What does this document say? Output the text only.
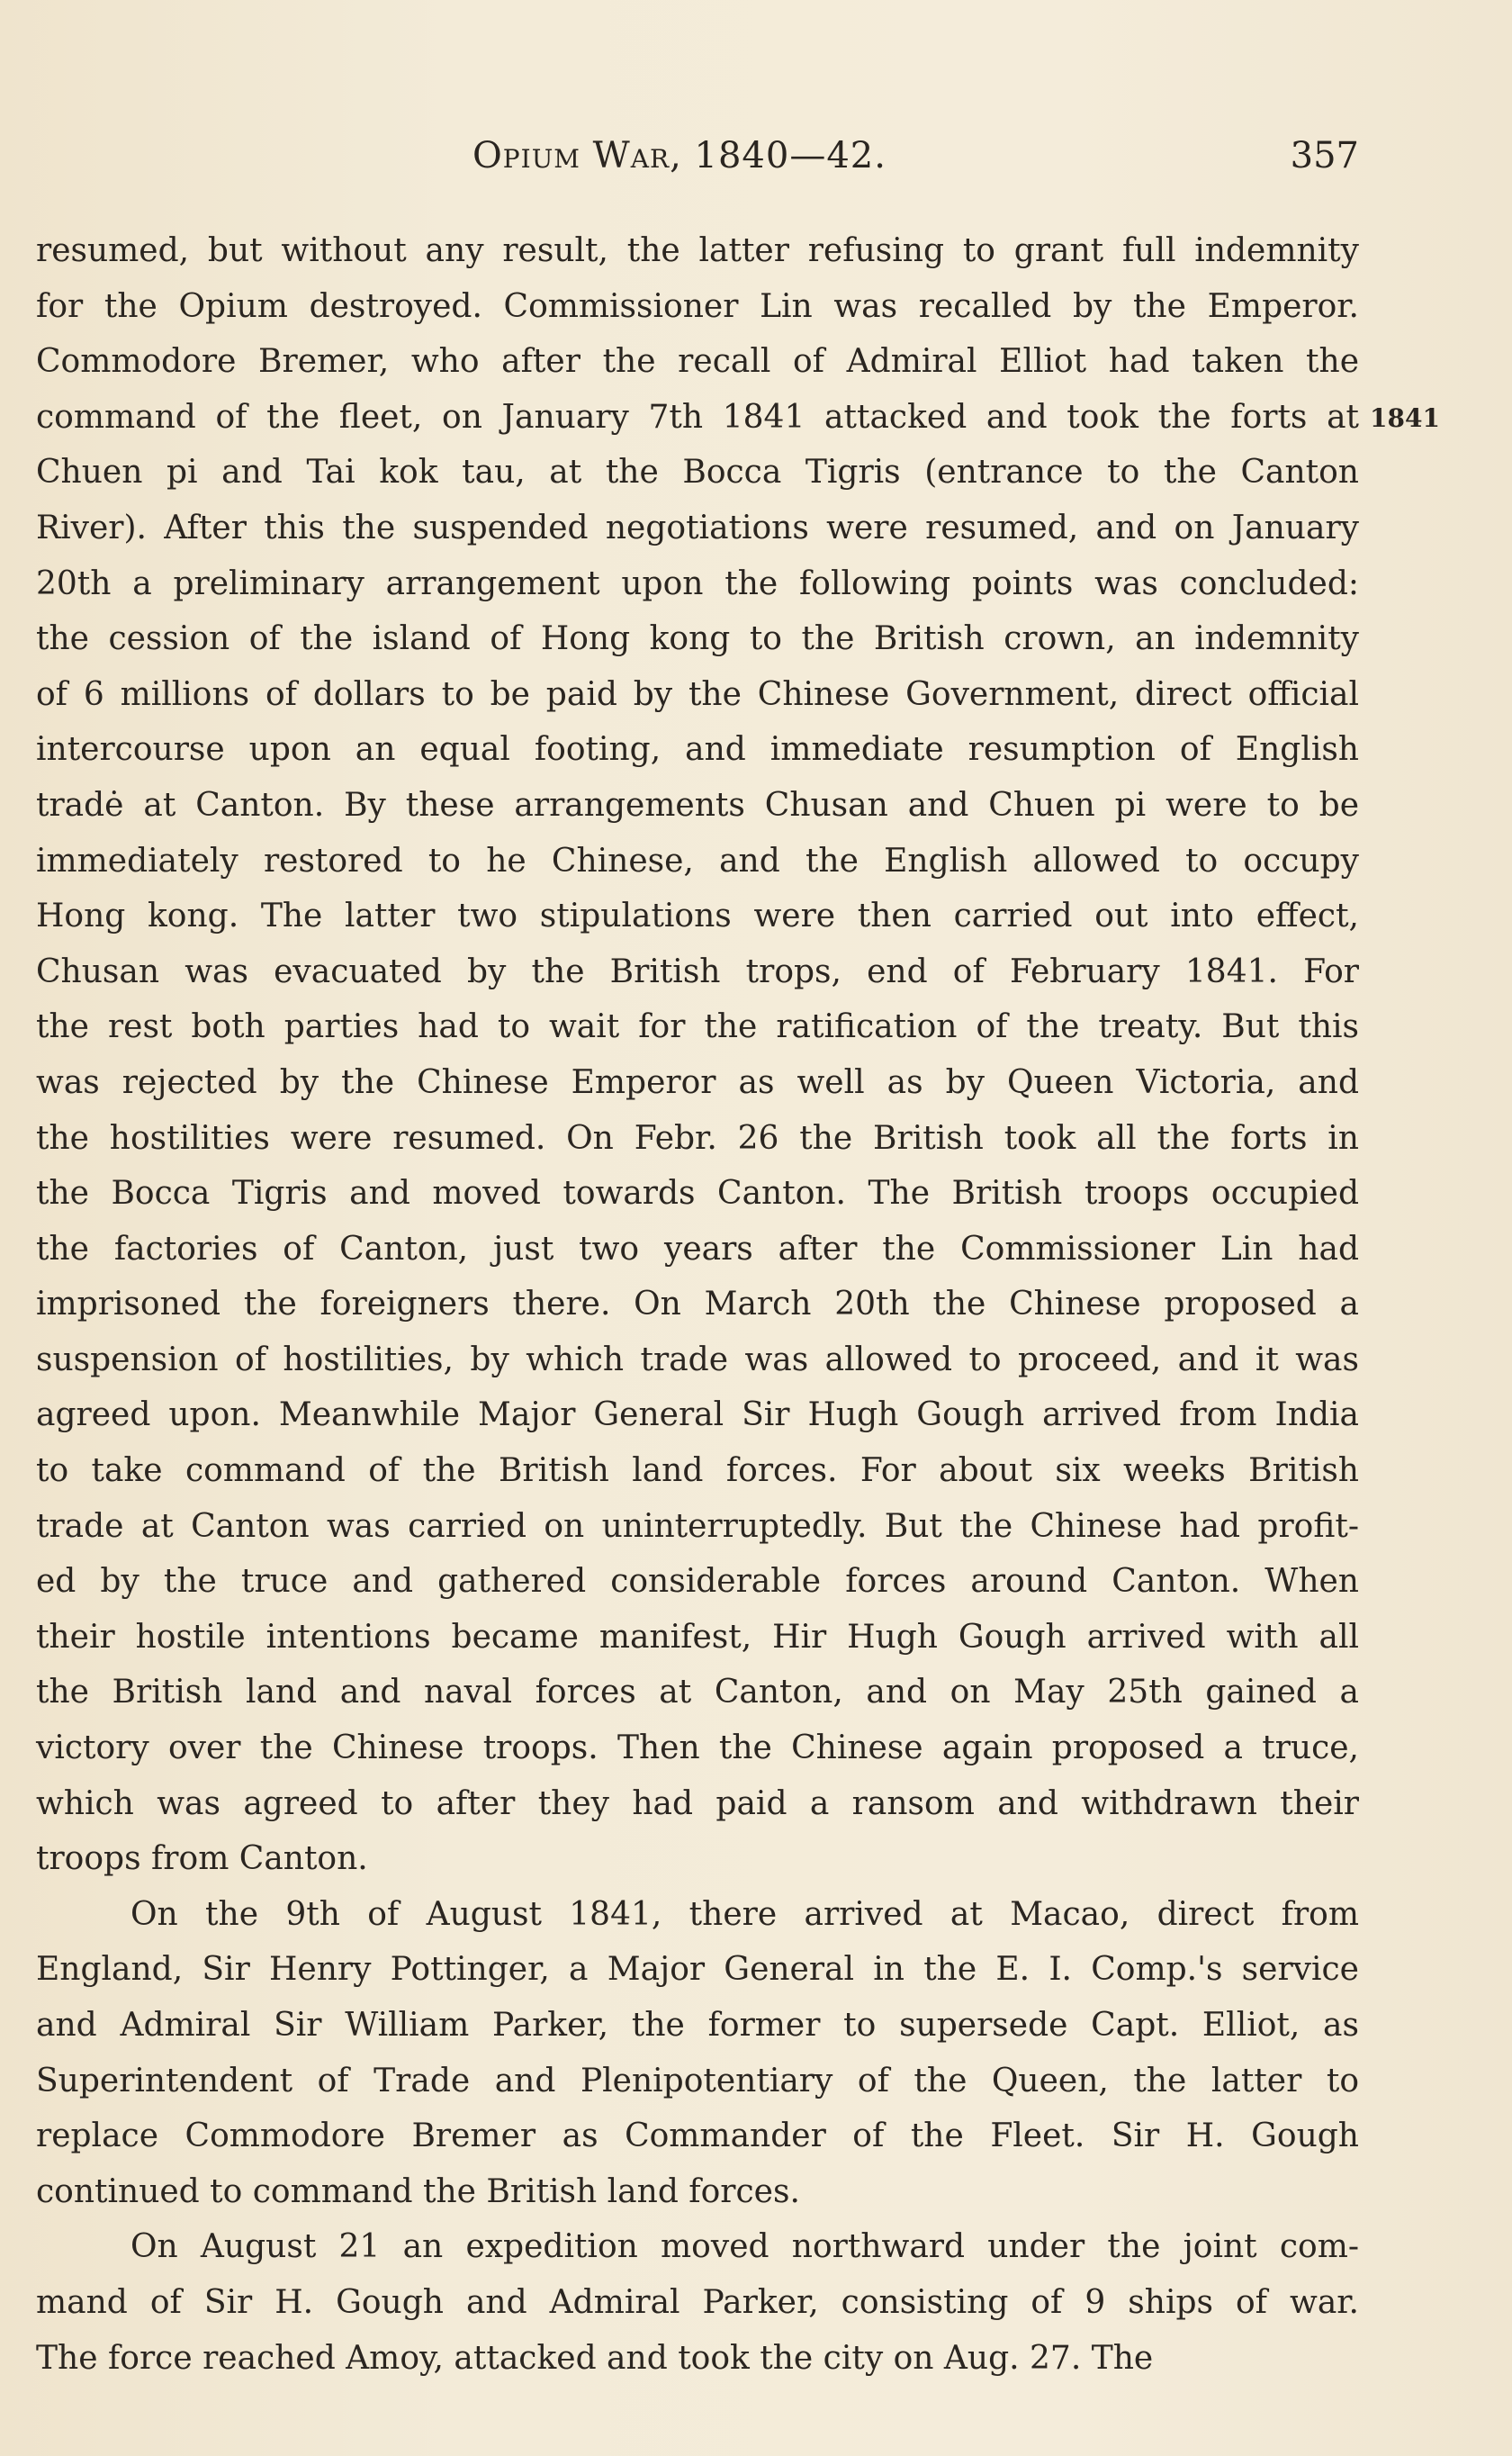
Opium War, 1840—42.	357
1841
resumed, but without any result, the latter refusing to grant full indemnity
for the Opium destroyed. Commissioner Lin was recalled by the Emperor.
Commodore Bremer, who after the recall of Admiral Elliot had taken the
command of the fleet, on January 7th 1841 attacked and took the forts at
Chuen pi and Tai kok tau, at the Bocca Tigris (entrance to the Canton
River). After this the suspended negotiations were resumed, and on January
20th a preliminary arrangement upon the following points was concluded:
the cession of the island of Hong kong to the British crown, an indemnity
of 6 millions of dollars to be paid by the Chinese Government, direct official
intercourse upon an equal footing, and immediate resumption of English
tradė at Canton. By these arrangements Chusan and Chuen pi were to be
immediately restored to he Chinese, and the English allowed to occupy
Hong kong. The latter two stipulations were then carried out into effect,
Chusan was evacuated by the British trops, end of February 1841. For
the rest both parties had to wait for the ratification of the treaty. But this
was rejected by the Chinese Emperor as well as by Queen Victoria, and
the hostilities were resumed. On Febr. 26 the British took all the forts in
the Bocca Tigris and moved towards Canton. The British troops occupied
the factories of Canton, just two years after the Commissioner Lin had
imprisoned the foreigners there. On March 20th the Chinese proposed a
suspension of hostilities, by which trade was allowed to proceed, and it was
agreed upon. Meanwhile Major General Sir Hugh Gough arrived from India
to take command of the British land forces. For about six weeks British
trade at Canton was carried on uninterruptedly. But the Chinese had profit-
ed by the truce and gathered considerable forces around Canton. When
their hostile intentions became manifest, Hir Hugh Gough arrived with all
the British land and naval forces at Canton, and on May 25th gained a
victory over the Chinese troops. Then the Chinese again proposed a truce,
which was agreed to after they had paid a ransom and withdrawn their
troops from Canton.
On the 9th of August 1841, there arrived at Macao, direct from
England, Sir Henry Pottinger, a Major General in the E. I. Comp.'s service
and Admiral Sir William Parker, the former to supersede Capt. Elliot, as
Superintendent of Trade and Plenipotentiary of the Queen, the latter to
replace Commodore Bremer as Commander of the Fleet. Sir H. Gough
continued to command the British land forces.
On August 21 an expedition moved northward under the joint com-
mand of Sir H. Gough and Admiral Parker, consisting of 9 ships of war.
The force reached Amoy, attacked and took the city on Aug. 27. The
